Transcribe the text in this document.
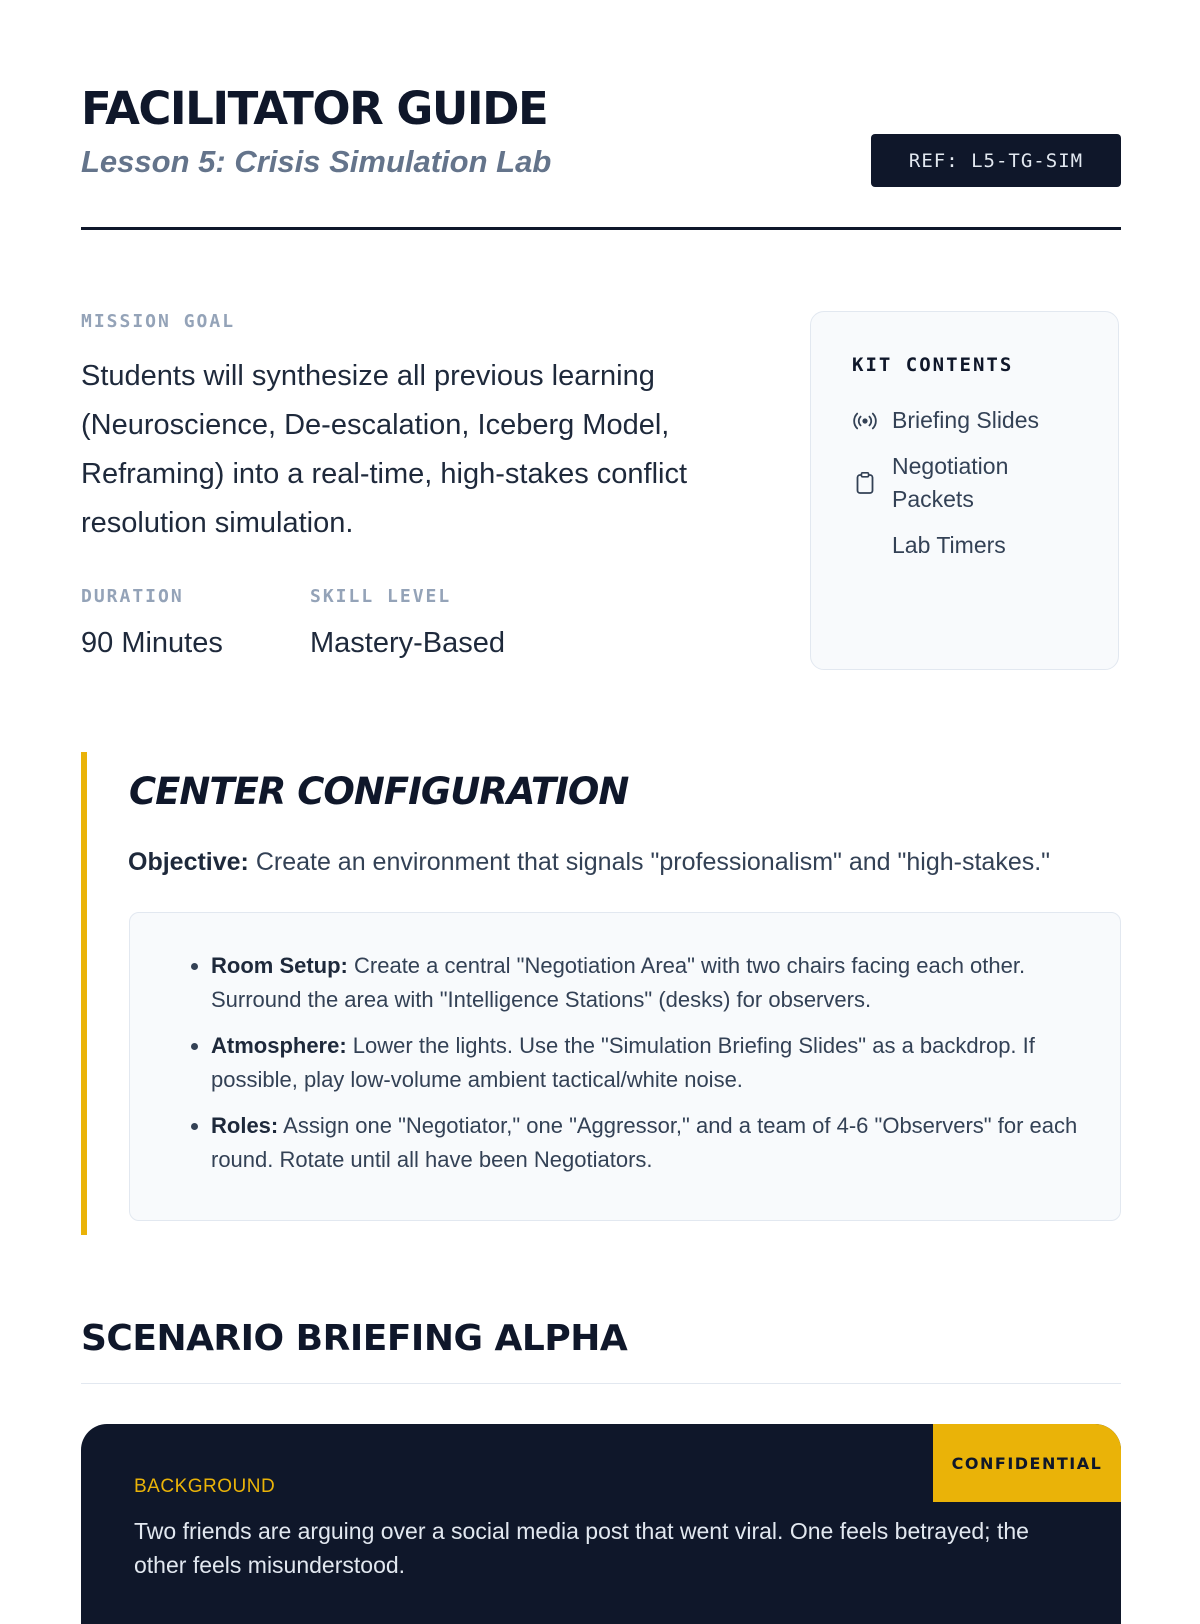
FACILITATOR GUIDE
Lesson 5: Crisis Simulation Lab	REF: L5-TG-SIM
MISSION GOAL

Students will synthesize all previous learning (Neuroscience, De-escalation, Iceberg Model, Reframing) into a real-time, high-stakes conflict resolution simulation.

DURATION
90 Minutes
SKILL LEVEL
Mastery-Based
KIT CONTENTS
Briefing Slides
Negotiation Packets
Lab Timers
CENTER CONFIGURATION

Objective: Create an environment that signals "professionalism" and "high-stakes."

• Room Setup: Create a central "Negotiation Area" with two chairs facing each other. Surround the area with "Intelligence Stations" (desks) for observers.
• Atmosphere: Lower the lights. Use the "Simulation Briefing Slides" as a backdrop. If possible, play low-volume ambient tactical/white noise.
• Roles: Assign one "Negotiator," one "Aggressor," and a team of 4-6 "Observers" for each round. Rotate until all have been Negotiators.
SCENARIO BRIEFING ALPHA
CONFIDENTIAL
BACKGROUND

Two friends are arguing over a social media post that went viral. One feels betrayed; the other feels misunderstood.
